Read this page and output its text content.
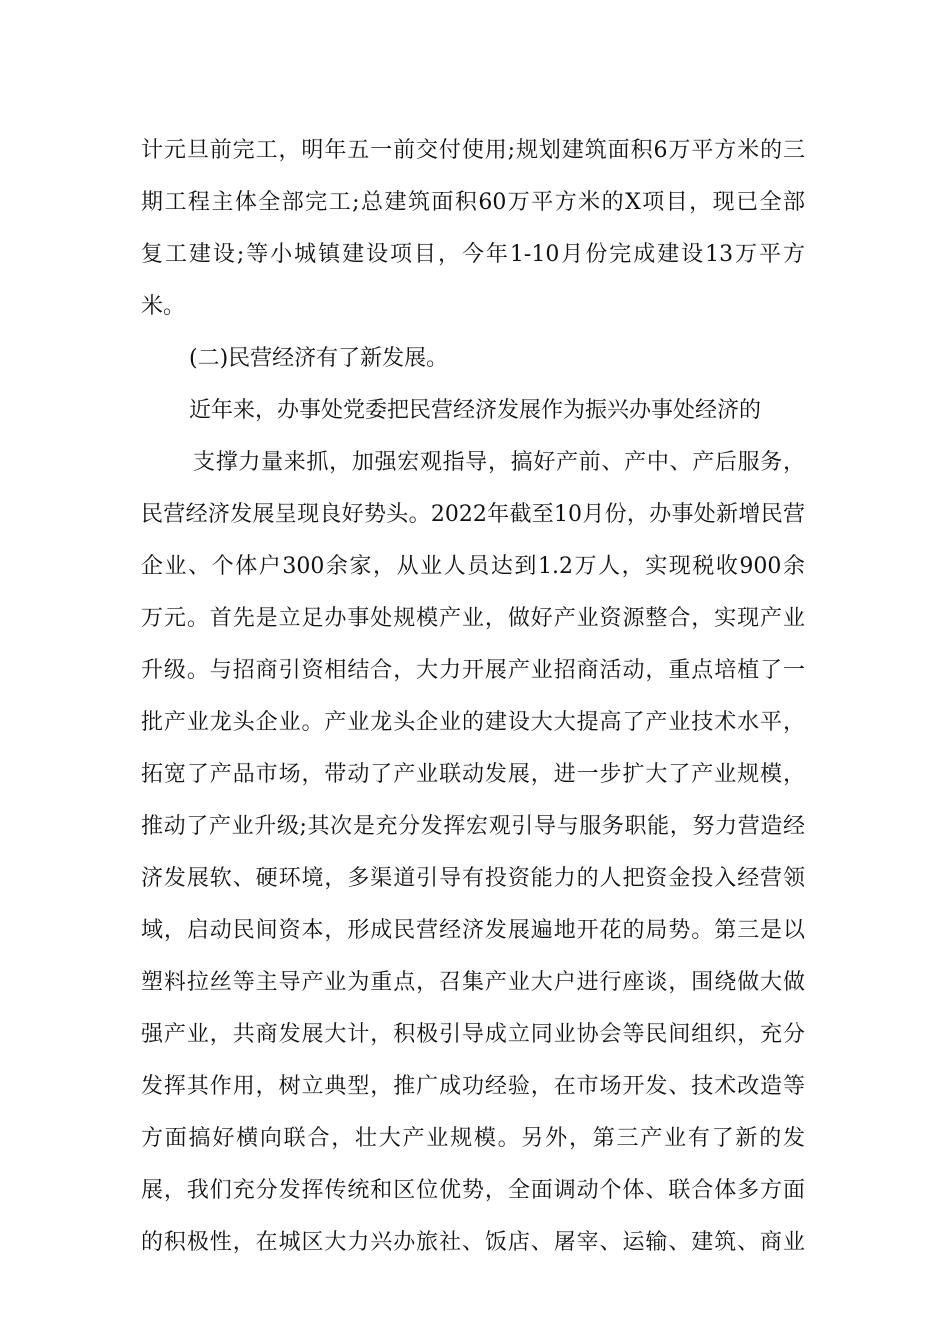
计元旦前完工，明年五一前交付使用;规划建筑面积6万平方米的三
期工程主体全部完工;总建筑面积60万平方米的X项目，现已全部
复工建设;等小城镇建设项目，今年1-10月份完成建设13万平方
米。
(二)民营经济有了新发展。
近年来，办事处党委把民营经济发展作为振兴办事处经济的
支撑力量来抓，加强宏观指导，搞好产前、产中、产后服务，
民营经济发展呈现良好势头。2022年截至10月份，办事处新增民营
企业、个体户300余家，从业人员达到1.2万人，实现税收900余
万元。首先是立足办事处规模产业，做好产业资源整合，实现产业
升级。与招商引资相结合，大力开展产业招商活动，重点培植了一
批产业龙头企业。产业龙头企业的建设大大提高了产业技术水平，
拓宽了产品市场，带动了产业联动发展，进一步扩大了产业规模，
推动了产业升级;其次是充分发挥宏观引导与服务职能，努力营造经
济发展软、硬环境，多渠道引导有投资能力的人把资金投入经营领
域，启动民间资本，形成民营经济发展遍地开花的局势。第三是以
塑料拉丝等主导产业为重点，召集产业大户进行座谈，围绕做大做
强产业，共商发展大计，积极引导成立同业协会等民间组织，充分
发挥其作用，树立典型，推广成功经验，在市场开发、技术改造等
方面搞好横向联合，壮大产业规模。另外，第三产业有了新的发
展，我们充分发挥传统和区位优势，全面调动个体、联合体多方面
的积极性，在城区大力兴办旅社、饭店、屠宰、运输、建筑、商业
